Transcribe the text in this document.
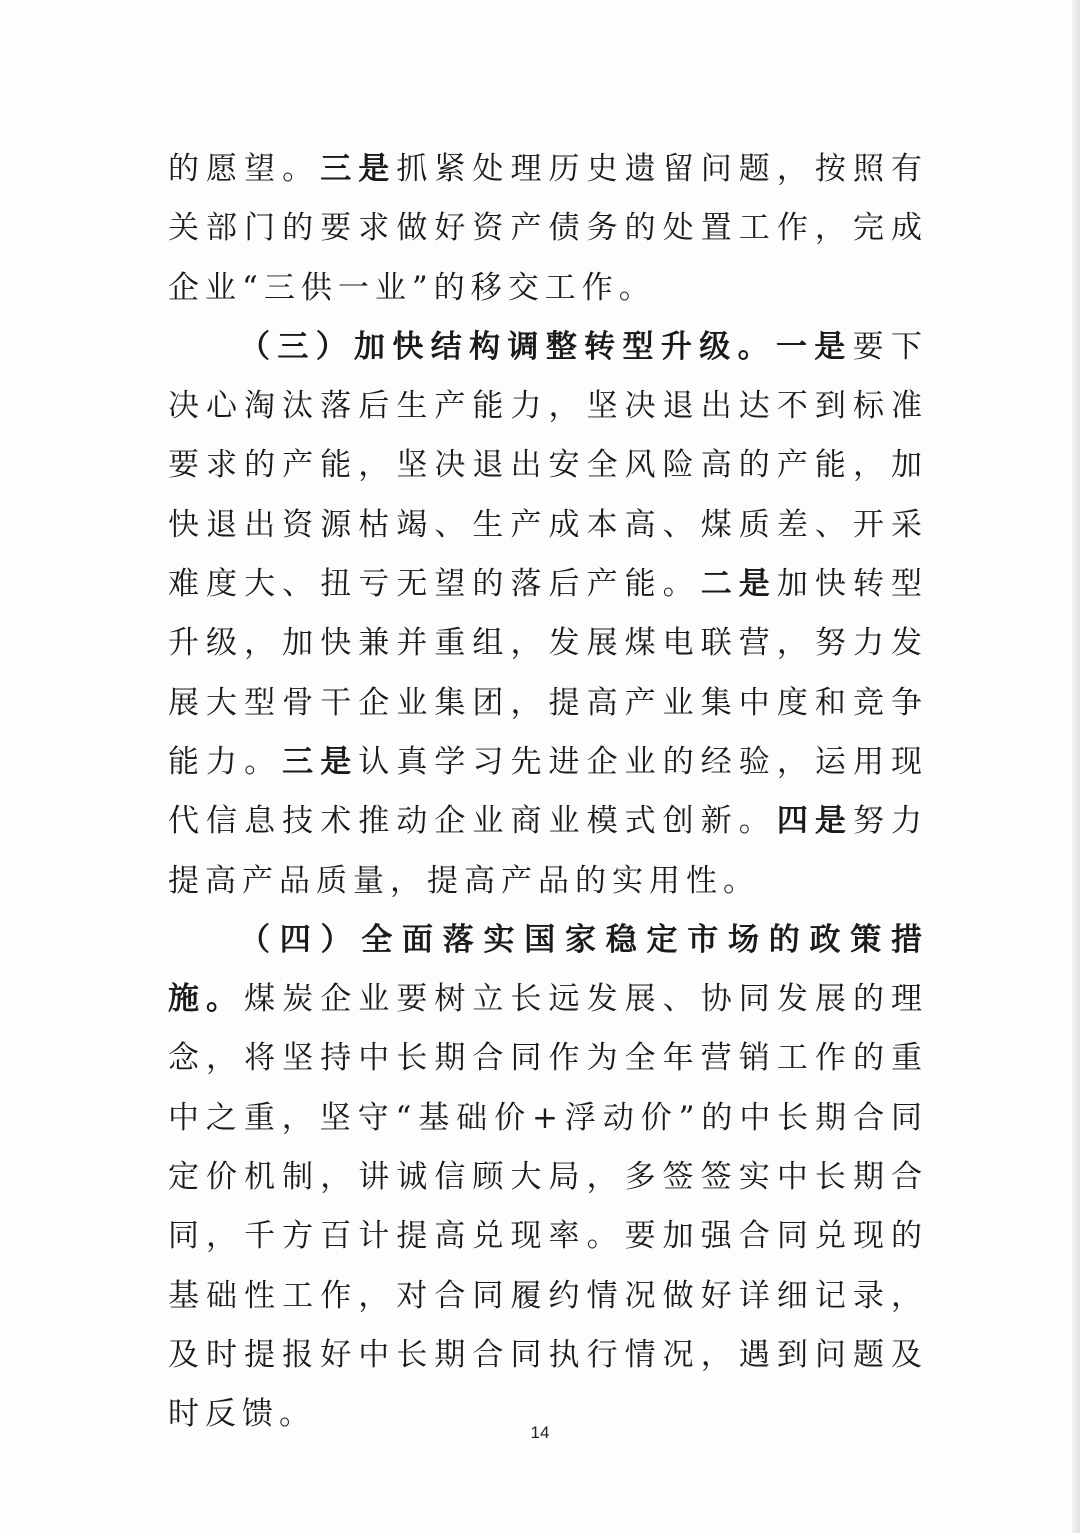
的愿望。三是抓紧处理历史遗留问题，按照有关部门的要求做好资产债务的处置工作，完成企业“三供一业”的移交工作。

（三）加快结构调整转型升级。一是要下决心淘汰落后生产能力，坚决退出达不到标准要求的产能，坚决退出安全风险高的产能，加快退出资源枯竭、生产成本高、煤质差、开采难度大、扭亏无望的落后产能。二是加快转型升级，加快兼并重组，发展煤电联营，努力发展大型骨干企业集团，提高产业集中度和竞争能力。三是认真学习先进企业的经验，运用现代信息技术推动企业商业模式创新。四是努力提高产品质量，提高产品的实用性。

（四）全面落实国家稳定市场的政策措施。煤炭企业要树立长远发展、协同发展的理念，将坚持中长期合同作为全年营销工作的重中之重，坚守“基础价+浮动价”的中长期合同定价机制，讲诚信顾大局，多签签实中长期合同，千方百计提高兑现率。要加强合同兑现的基础性工作，对合同履约情况做好详细记录，及时提报好中长期合同执行情况，遇到问题及时反馈。

14
